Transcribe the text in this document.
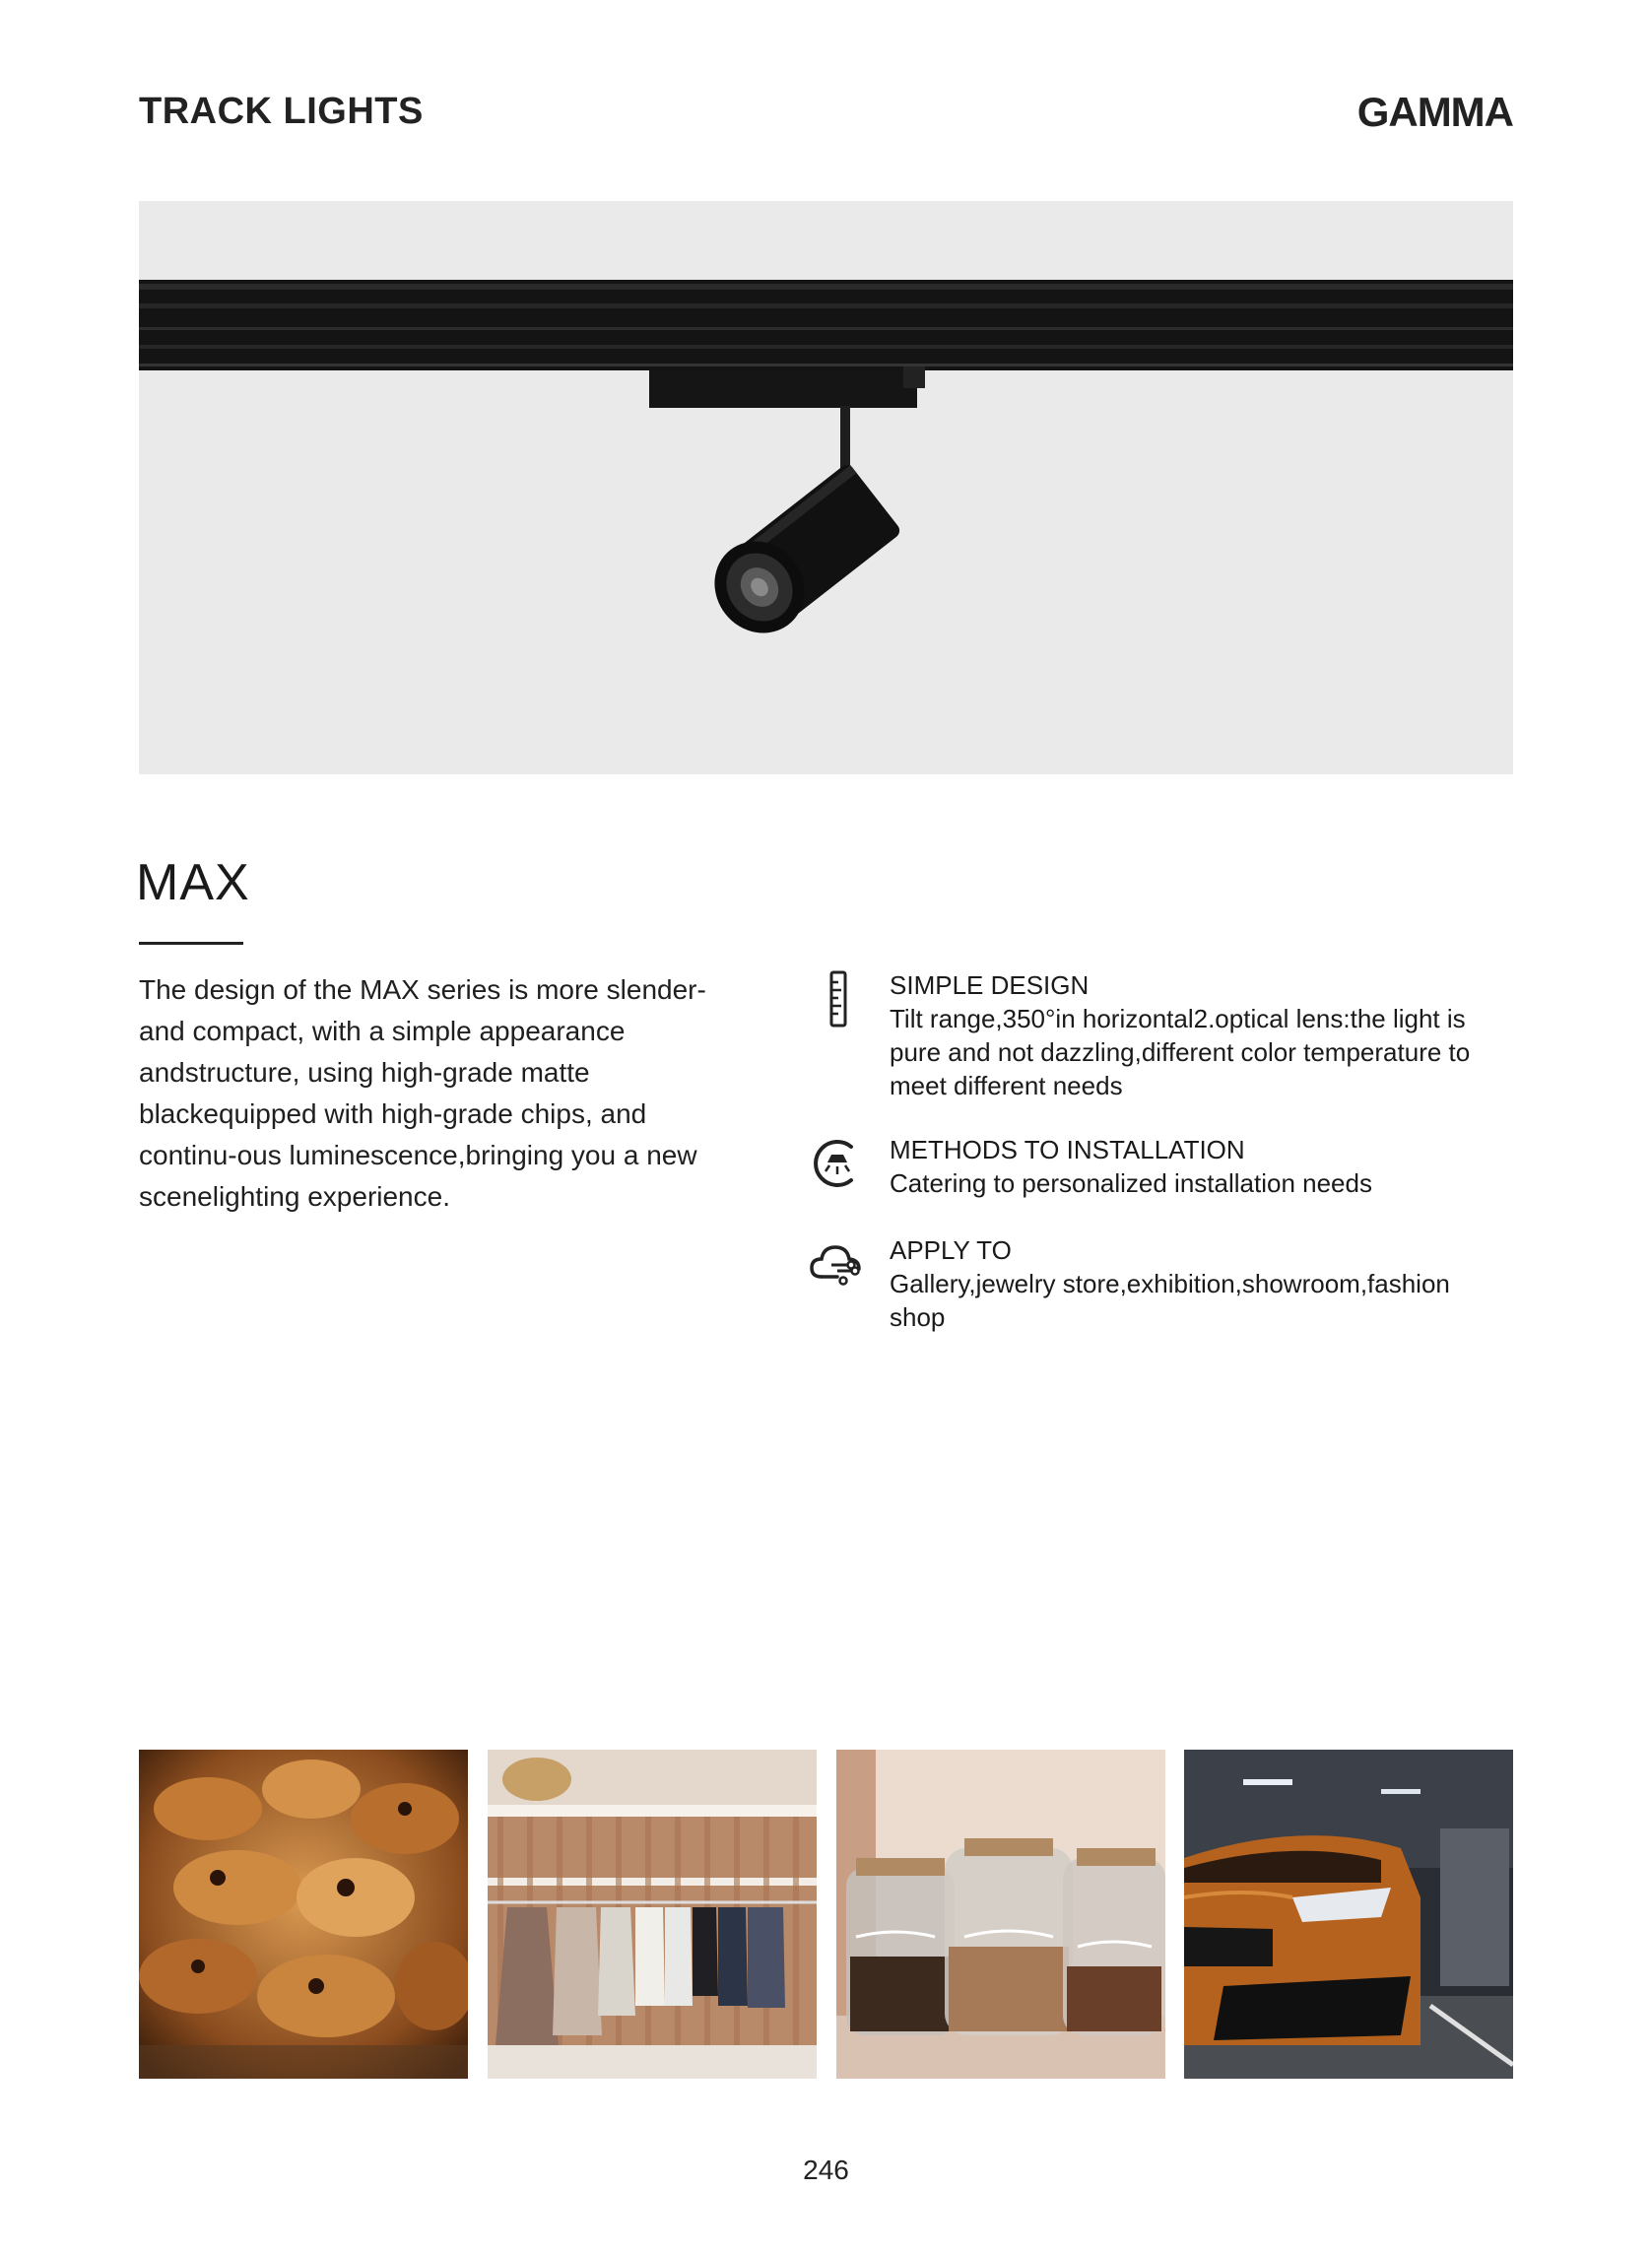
TRACK LIGHTS	GAMMA
MAX

The design of the MAX series is more slender-and compact, with a simple appearance andstructure, using high-grade matte blackequipped with high-grade chips, and continu-ous luminescence,bringing you a new scenelighting experience.

SIMPLE DESIGN

Tilt range,350°in horizontal2.optical lens:the light is pure and not dazzling,different color temperature to meet different needs

METHODS TO INSTALLATION

Catering to personalized installation needs

APPLY TO

Gallery,jewelry store,exhibition,showroom,fashion shop

246
